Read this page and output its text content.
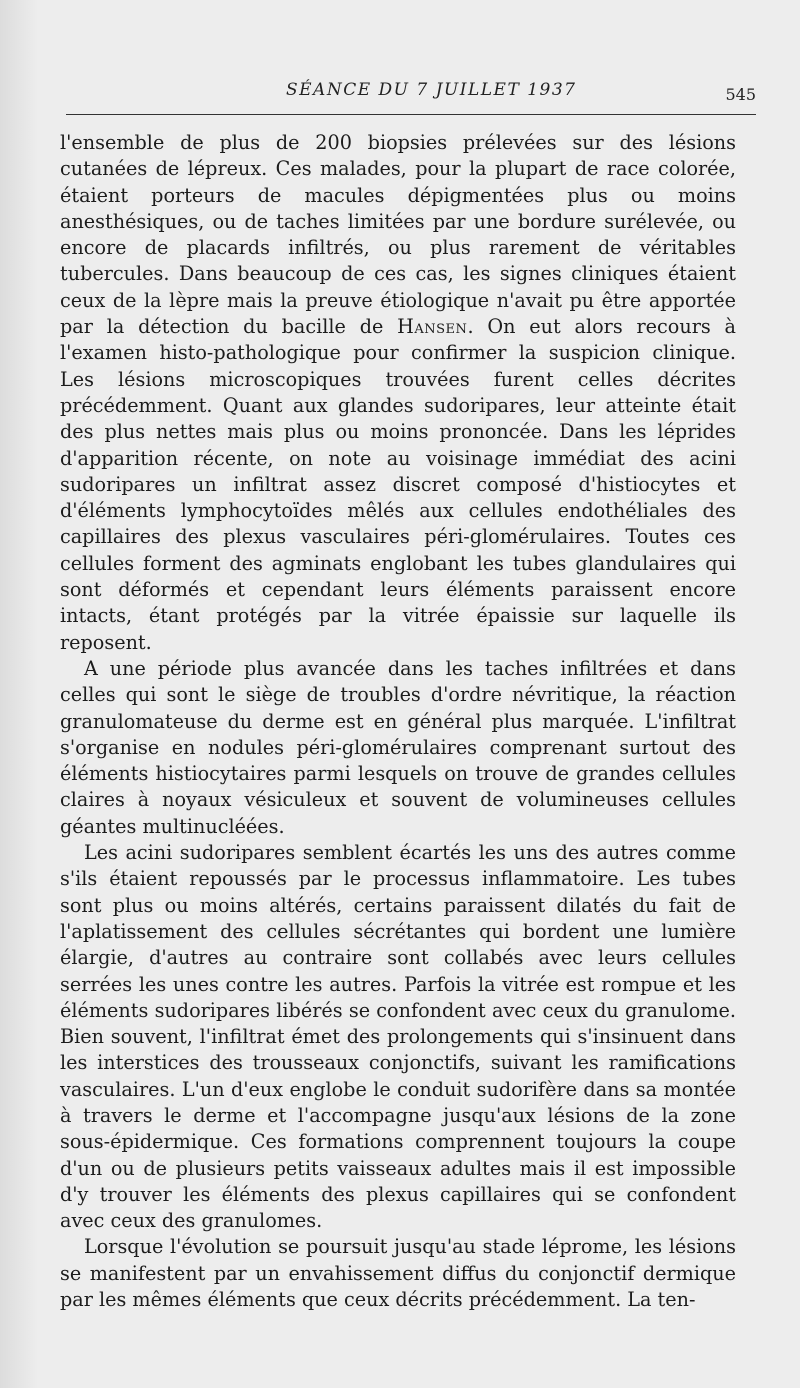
SÉANCE DU 7 JUILLET 1937	545

l'ensemble de plus de 200 biopsies prélevées sur des lésions cutanées de lépreux. Ces malades, pour la plupart de race colorée, étaient porteurs de macules dépigmentées plus ou moins anesthésiques, ou de taches limitées par une bordure surélevée, ou encore de placards infiltrés, ou plus rarement de véritables tubercules. Dans beaucoup de ces cas, les signes cliniques étaient ceux de la lèpre mais la preuve étiologique n'avait pu être apportée par la détection du bacille de Hansen. On eut alors recours à l'examen histo-pathologique pour confirmer la suspicion clinique. Les lésions microscopiques trouvées furent celles décrites précédemment. Quant aux glandes sudoripares, leur atteinte était des plus nettes mais plus ou moins prononcée. Dans les léprides d'apparition récente, on note au voisinage immédiat des acini sudoripares un infiltrat assez discret composé d'histiocytes et d'éléments lymphocytoïdes mêlés aux cellules endothéliales des capillaires des plexus vasculaires péri-glomérulaires. Toutes ces cellules forment des agminats englobant les tubes glandulaires qui sont déformés et cependant leurs éléments paraissent encore intacts, étant protégés par la vitrée épaissie sur laquelle ils reposent.

A une période plus avancée dans les taches infiltrées et dans celles qui sont le siège de troubles d'ordre névritique, la réaction granulomateuse du derme est en général plus marquée. L'infiltrat s'organise en nodules péri-glomérulaires comprenant surtout des éléments histiocytaires parmi lesquels on trouve de grandes cellules claires à noyaux vésiculeux et souvent de volumineuses cellules géantes multinucléées.

Les acini sudoripares semblent écartés les uns des autres comme s'ils étaient repoussés par le processus inflammatoire. Les tubes sont plus ou moins altérés, certains paraissent dilatés du fait de l'aplatissement des cellules sécrétantes qui bordent une lumière élargie, d'autres au contraire sont collabés avec leurs cellules serrées les unes contre les autres. Parfois la vitrée est rompue et les éléments sudoripares libérés se confondent avec ceux du granulome. Bien souvent, l'infiltrat émet des prolongements qui s'insinuent dans les interstices des trousseaux conjonctifs, suivant les ramifications vasculaires. L'un d'eux englobe le conduit sudorifère dans sa montée à travers le derme et l'accompagne jusqu'aux lésions de la zone sous-épidermique. Ces formations comprennent toujours la coupe d'un ou de plusieurs petits vaisseaux adultes mais il est impossible d'y trouver les éléments des plexus capillaires qui se confondent avec ceux des granulomes.

Lorsque l'évolution se poursuit jusqu'au stade léprome, les lésions se manifestent par un envahissement diffus du conjonctif dermique par les mêmes éléments que ceux décrits précédemment. La ten-
